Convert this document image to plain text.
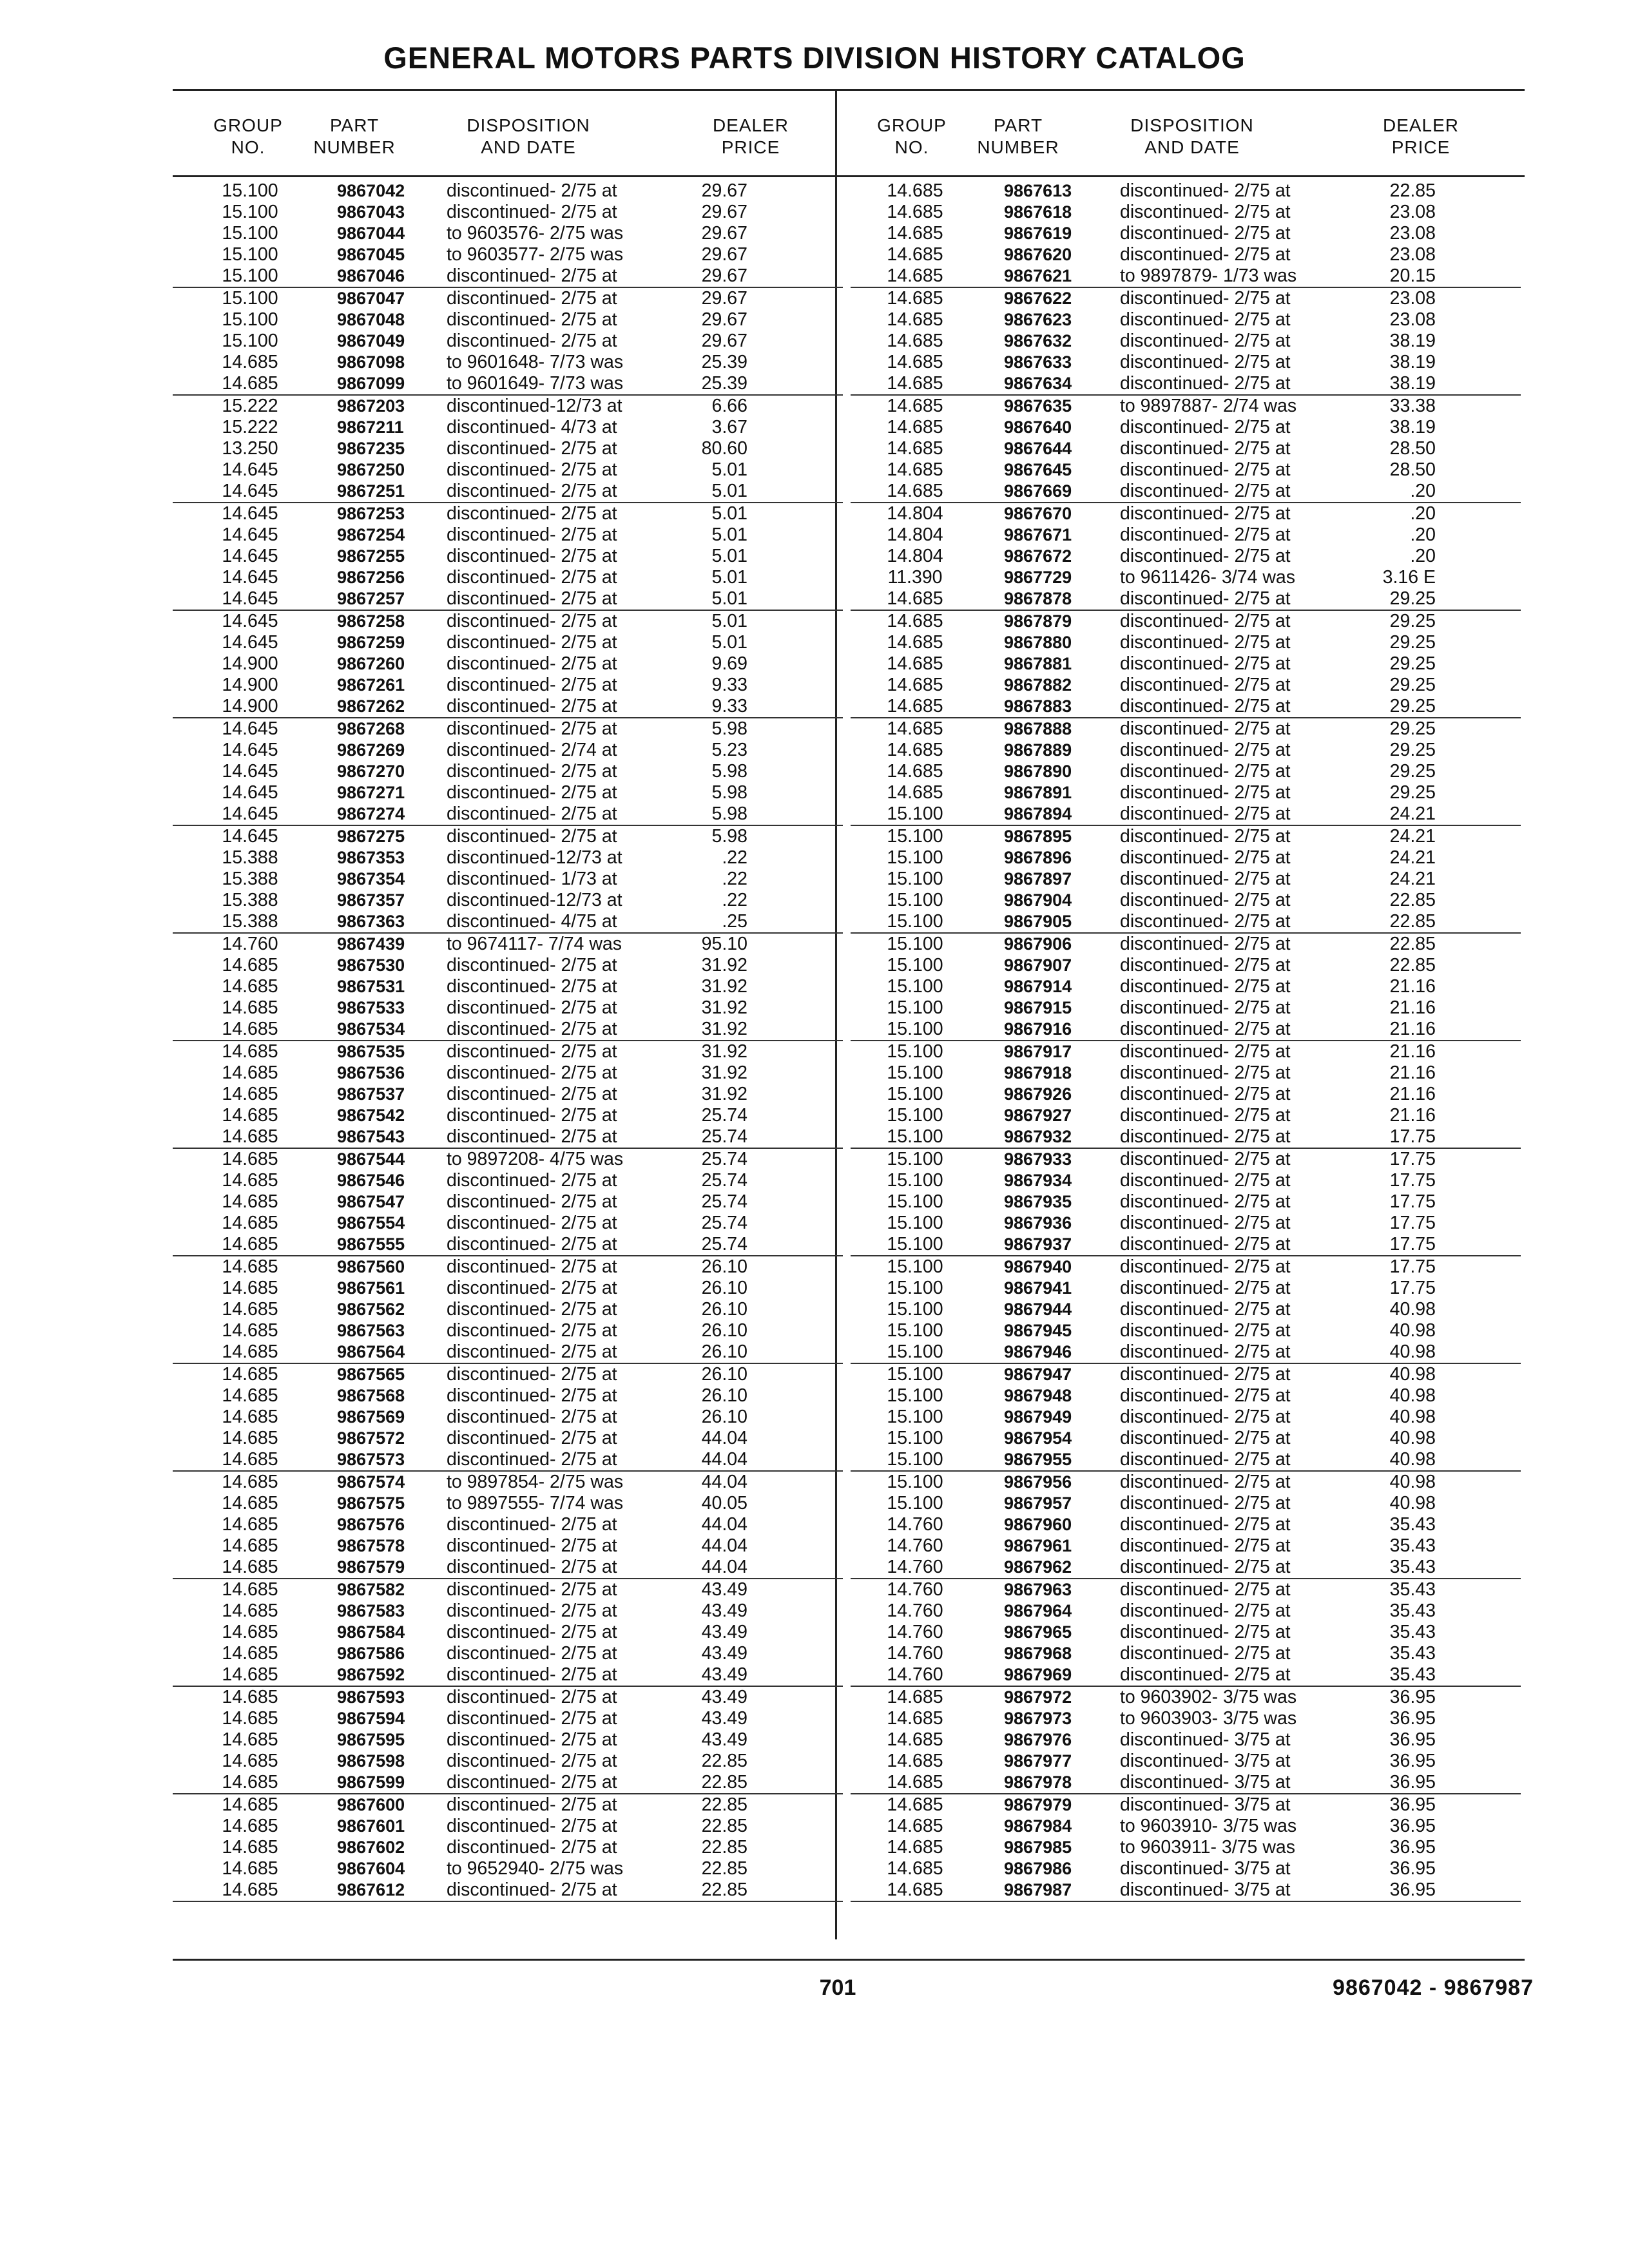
GENERAL MOTORS PARTS DIVISION HISTORY CATALOG
GROUP
NO.
PART
NUMBER
DISPOSITION
AND DATE
DEALER
PRICE
GROUP
NO.
PART
NUMBER
DISPOSITION
AND DATE
DEALER
PRICE
15.100	9867042	discontinued- 2/75 at	29.67
15.100	9867043	discontinued- 2/75 at	29.67
15.100	9867044	to 9603576- 2/75 was	29.67
15.100	9867045	to 9603577- 2/75 was	29.67
15.100	9867046	discontinued- 2/75 at	29.67
15.100	9867047	discontinued- 2/75 at	29.67
15.100	9867048	discontinued- 2/75 at	29.67
15.100	9867049	discontinued- 2/75 at	29.67
14.685	9867098	to 9601648- 7/73 was	25.39
14.685	9867099	to 9601649- 7/73 was	25.39
15.222	9867203	discontinued-12/73 at	6.66
15.222	9867211	discontinued- 4/73 at	3.67
13.250	9867235	discontinued- 2/75 at	80.60
14.645	9867250	discontinued- 2/75 at	5.01
14.645	9867251	discontinued- 2/75 at	5.01
14.645	9867253	discontinued- 2/75 at	5.01
14.645	9867254	discontinued- 2/75 at	5.01
14.645	9867255	discontinued- 2/75 at	5.01
14.645	9867256	discontinued- 2/75 at	5.01
14.645	9867257	discontinued- 2/75 at	5.01
14.645	9867258	discontinued- 2/75 at	5.01
14.645	9867259	discontinued- 2/75 at	5.01
14.900	9867260	discontinued- 2/75 at	9.69
14.900	9867261	discontinued- 2/75 at	9.33
14.900	9867262	discontinued- 2/75 at	9.33
14.645	9867268	discontinued- 2/75 at	5.98
14.645	9867269	discontinued- 2/74 at	5.23
14.645	9867270	discontinued- 2/75 at	5.98
14.645	9867271	discontinued- 2/75 at	5.98
14.645	9867274	discontinued- 2/75 at	5.98
14.645	9867275	discontinued- 2/75 at	5.98
15.388	9867353	discontinued-12/73 at	.22
15.388	9867354	discontinued- 1/73 at	.22
15.388	9867357	discontinued-12/73 at	.22
15.388	9867363	discontinued- 4/75 at	.25
14.760	9867439	to 9674117- 7/74 was	95.10
14.685	9867530	discontinued- 2/75 at	31.92
14.685	9867531	discontinued- 2/75 at	31.92
14.685	9867533	discontinued- 2/75 at	31.92
14.685	9867534	discontinued- 2/75 at	31.92
14.685	9867535	discontinued- 2/75 at	31.92
14.685	9867536	discontinued- 2/75 at	31.92
14.685	9867537	discontinued- 2/75 at	31.92
14.685	9867542	discontinued- 2/75 at	25.74
14.685	9867543	discontinued- 2/75 at	25.74
14.685	9867544	to 9897208- 4/75 was	25.74
14.685	9867546	discontinued- 2/75 at	25.74
14.685	9867547	discontinued- 2/75 at	25.74
14.685	9867554	discontinued- 2/75 at	25.74
14.685	9867555	discontinued- 2/75 at	25.74
14.685	9867560	discontinued- 2/75 at	26.10
14.685	9867561	discontinued- 2/75 at	26.10
14.685	9867562	discontinued- 2/75 at	26.10
14.685	9867563	discontinued- 2/75 at	26.10
14.685	9867564	discontinued- 2/75 at	26.10
14.685	9867565	discontinued- 2/75 at	26.10
14.685	9867568	discontinued- 2/75 at	26.10
14.685	9867569	discontinued- 2/75 at	26.10
14.685	9867572	discontinued- 2/75 at	44.04
14.685	9867573	discontinued- 2/75 at	44.04
14.685	9867574	to 9897854- 2/75 was	44.04
14.685	9867575	to 9897555- 7/74 was	40.05
14.685	9867576	discontinued- 2/75 at	44.04
14.685	9867578	discontinued- 2/75 at	44.04
14.685	9867579	discontinued- 2/75 at	44.04
14.685	9867582	discontinued- 2/75 at	43.49
14.685	9867583	discontinued- 2/75 at	43.49
14.685	9867584	discontinued- 2/75 at	43.49
14.685	9867586	discontinued- 2/75 at	43.49
14.685	9867592	discontinued- 2/75 at	43.49
14.685	9867593	discontinued- 2/75 at	43.49
14.685	9867594	discontinued- 2/75 at	43.49
14.685	9867595	discontinued- 2/75 at	43.49
14.685	9867598	discontinued- 2/75 at	22.85
14.685	9867599	discontinued- 2/75 at	22.85
14.685	9867600	discontinued- 2/75 at	22.85
14.685	9867601	discontinued- 2/75 at	22.85
14.685	9867602	discontinued- 2/75 at	22.85
14.685	9867604	to 9652940- 2/75 was	22.85
14.685	9867612	discontinued- 2/75 at	22.85
14.685	9867613	discontinued- 2/75 at	22.85
14.685	9867618	discontinued- 2/75 at	23.08
14.685	9867619	discontinued- 2/75 at	23.08
14.685	9867620	discontinued- 2/75 at	23.08
14.685	9867621	to 9897879- 1/73 was	20.15
14.685	9867622	discontinued- 2/75 at	23.08
14.685	9867623	discontinued- 2/75 at	23.08
14.685	9867632	discontinued- 2/75 at	38.19
14.685	9867633	discontinued- 2/75 at	38.19
14.685	9867634	discontinued- 2/75 at	38.19
14.685	9867635	to 9897887- 2/74 was	33.38
14.685	9867640	discontinued- 2/75 at	38.19
14.685	9867644	discontinued- 2/75 at	28.50
14.685	9867645	discontinued- 2/75 at	28.50
14.685	9867669	discontinued- 2/75 at	.20
14.804	9867670	discontinued- 2/75 at	.20
14.804	9867671	discontinued- 2/75 at	.20
14.804	9867672	discontinued- 2/75 at	.20
11.390	9867729	to 9611426- 3/74 was	3.16 E
14.685	9867878	discontinued- 2/75 at	29.25
14.685	9867879	discontinued- 2/75 at	29.25
14.685	9867880	discontinued- 2/75 at	29.25
14.685	9867881	discontinued- 2/75 at	29.25
14.685	9867882	discontinued- 2/75 at	29.25
14.685	9867883	discontinued- 2/75 at	29.25
14.685	9867888	discontinued- 2/75 at	29.25
14.685	9867889	discontinued- 2/75 at	29.25
14.685	9867890	discontinued- 2/75 at	29.25
14.685	9867891	discontinued- 2/75 at	29.25
15.100	9867894	discontinued- 2/75 at	24.21
15.100	9867895	discontinued- 2/75 at	24.21
15.100	9867896	discontinued- 2/75 at	24.21
15.100	9867897	discontinued- 2/75 at	24.21
15.100	9867904	discontinued- 2/75 at	22.85
15.100	9867905	discontinued- 2/75 at	22.85
15.100	9867906	discontinued- 2/75 at	22.85
15.100	9867907	discontinued- 2/75 at	22.85
15.100	9867914	discontinued- 2/75 at	21.16
15.100	9867915	discontinued- 2/75 at	21.16
15.100	9867916	discontinued- 2/75 at	21.16
15.100	9867917	discontinued- 2/75 at	21.16
15.100	9867918	discontinued- 2/75 at	21.16
15.100	9867926	discontinued- 2/75 at	21.16
15.100	9867927	discontinued- 2/75 at	21.16
15.100	9867932	discontinued- 2/75 at	17.75
15.100	9867933	discontinued- 2/75 at	17.75
15.100	9867934	discontinued- 2/75 at	17.75
15.100	9867935	discontinued- 2/75 at	17.75
15.100	9867936	discontinued- 2/75 at	17.75
15.100	9867937	discontinued- 2/75 at	17.75
15.100	9867940	discontinued- 2/75 at	17.75
15.100	9867941	discontinued- 2/75 at	17.75
15.100	9867944	discontinued- 2/75 at	40.98
15.100	9867945	discontinued- 2/75 at	40.98
15.100	9867946	discontinued- 2/75 at	40.98
15.100	9867947	discontinued- 2/75 at	40.98
15.100	9867948	discontinued- 2/75 at	40.98
15.100	9867949	discontinued- 2/75 at	40.98
15.100	9867954	discontinued- 2/75 at	40.98
15.100	9867955	discontinued- 2/75 at	40.98
15.100	9867956	discontinued- 2/75 at	40.98
15.100	9867957	discontinued- 2/75 at	40.98
14.760	9867960	discontinued- 2/75 at	35.43
14.760	9867961	discontinued- 2/75 at	35.43
14.760	9867962	discontinued- 2/75 at	35.43
14.760	9867963	discontinued- 2/75 at	35.43
14.760	9867964	discontinued- 2/75 at	35.43
14.760	9867965	discontinued- 2/75 at	35.43
14.760	9867968	discontinued- 2/75 at	35.43
14.760	9867969	discontinued- 2/75 at	35.43
14.685	9867972	to 9603902- 3/75 was	36.95
14.685	9867973	to 9603903- 3/75 was	36.95
14.685	9867976	discontinued- 3/75 at	36.95
14.685	9867977	discontinued- 3/75 at	36.95
14.685	9867978	discontinued- 3/75 at	36.95
14.685	9867979	discontinued- 3/75 at	36.95
14.685	9867984	to 9603910- 3/75 was	36.95
14.685	9867985	to 9603911- 3/75 was	36.95
14.685	9867986	discontinued- 3/75 at	36.95
14.685	9867987	discontinued- 3/75 at	36.95
701	9867042 - 9867987
